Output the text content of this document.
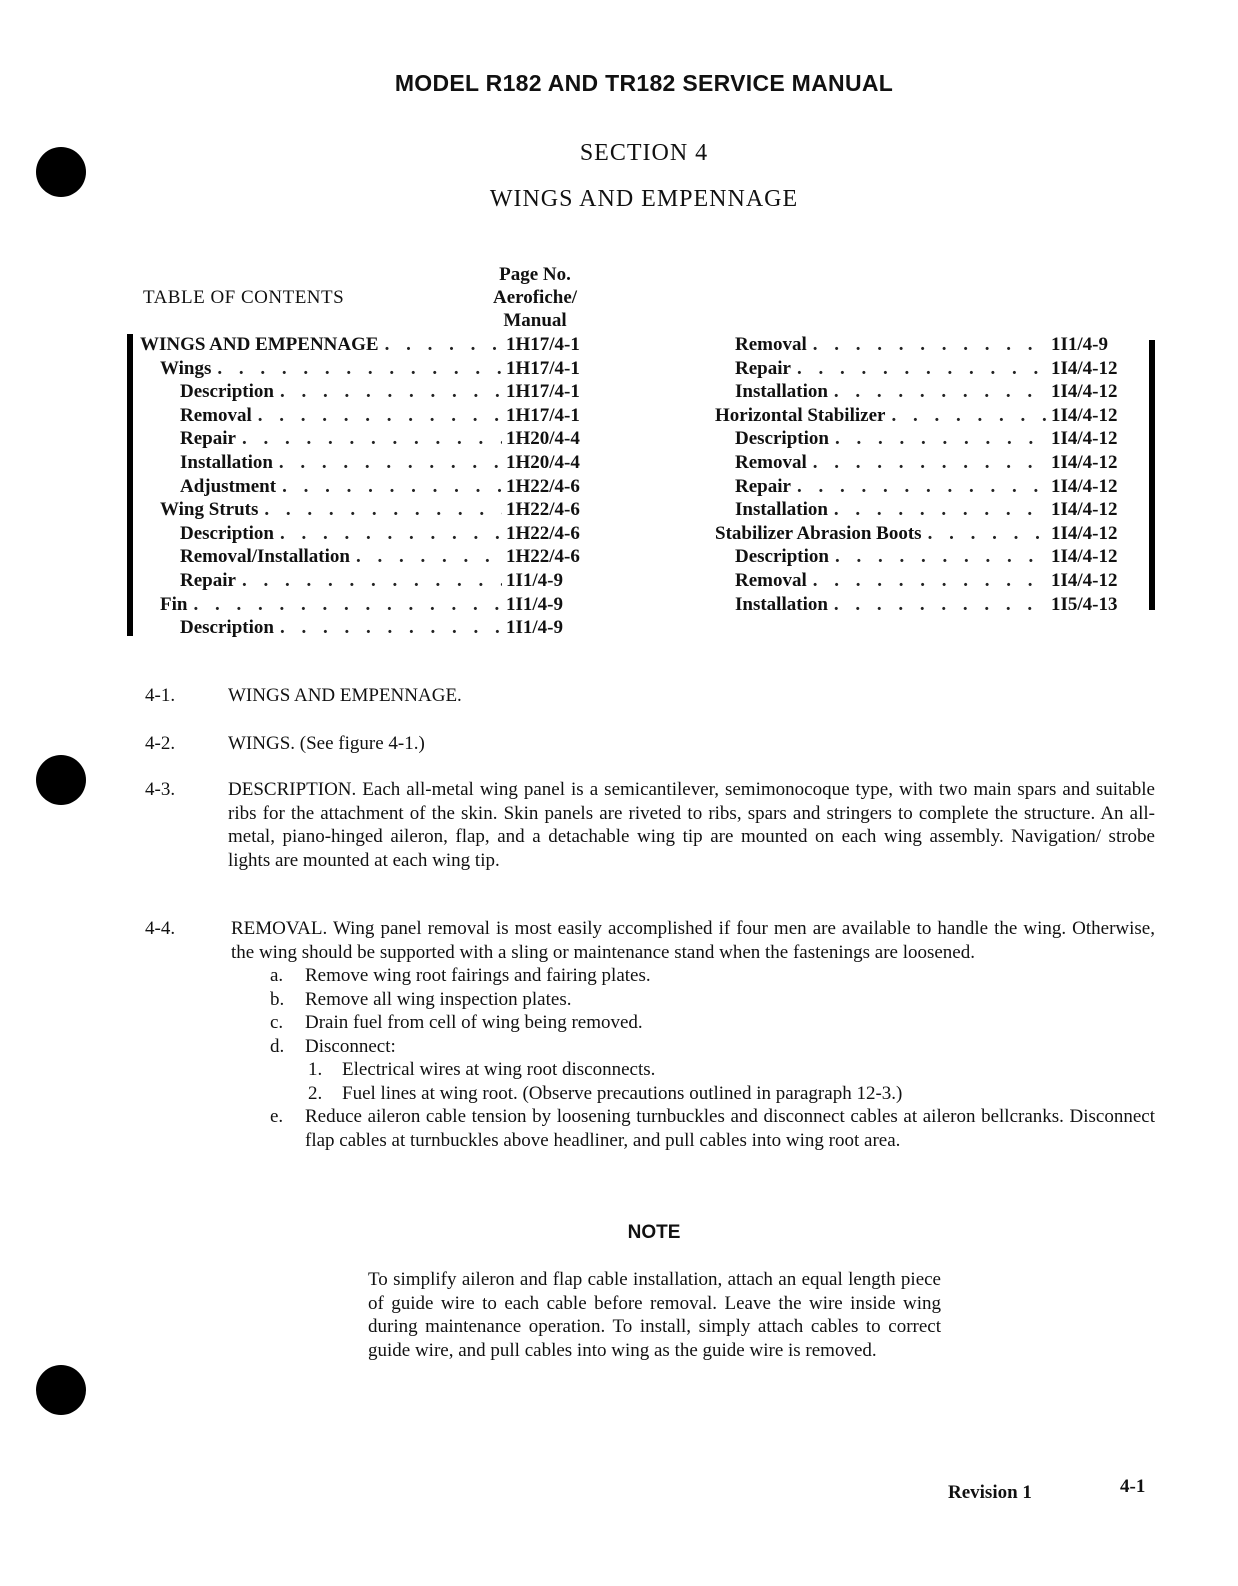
MODEL R182 AND TR182 SERVICE MANUAL
SECTION 4
WINGS AND EMPENNAGE
TABLE OF CONTENTS
Page No.
Aerofiche/
Manual
WINGS AND EMPENNAGE . . .	1H17/4-1
Wings . . .	1H17/4-1
Description . . .	1H17/4-1
Removal . . .	1H17/4-1
Repair . . .	1H20/4-4
Installation . . .	1H20/4-4
Adjustment . . .	1H22/4-6
Wing Struts . . .	1H22/4-6
Description . . .	1H22/4-6
Removal/Installation . . .	1H22/4-6
Repair . . .	1I1/4-9
Fin . . .	1I1/4-9
Description . . .	1I1/4-9
Removal . . .	1I1/4-9
Repair . . .	1I4/4-12
Installation . . .	1I4/4-12
Horizontal Stabilizer . . .	1I4/4-12
Description . . .	1I4/4-12
Removal . . .	1I4/4-12
Repair . . .	1I4/4-12
Installation . . .	1I4/4-12
Stabilizer Abrasion Boots . . .	1I4/4-12
Description . . .	1I4/4-12
Removal . . .	1I4/4-12
Installation . . .	1I5/4-13
4-1.	WINGS AND EMPENNAGE.
4-2.	WINGS. (See figure 4-1.)
4-3.	DESCRIPTION. Each all-metal wing panel is a semicantilever, semimonocoque type, with two main spars and suitable ribs for the attachment of the skin. Skin panels are riveted to ribs, spars and stringers to complete the structure. An all-metal, piano-hinged aileron, flap, and a detachable wing tip are mounted on each wing assembly. Navigation/ strobe lights are mounted at each wing tip.
4-4.	REMOVAL. Wing panel removal is most easily accomplished if four men are available to handle the wing. Otherwise, the wing should be supported with a sling or maintenance stand when the fastenings are loosened.
a. Remove wing root fairings and fairing plates.
b. Remove all wing inspection plates.
c. Drain fuel from cell of wing being removed.
d. Disconnect:
1. Electrical wires at wing root disconnects.
2. Fuel lines at wing root. (Observe precautions outlined in paragraph 12-3.)
e. Reduce aileron cable tension by loosening turnbuckles and disconnect cables at aileron bellcranks. Disconnect flap cables at turnbuckles above headliner, and pull cables into wing root area.
NOTE
To simplify aileron and flap cable installation, attach an equal length piece of guide wire to each cable before removal. Leave the wire inside wing during maintenance operation. To install, simply attach cables to correct guide wire, and pull cables into wing as the guide wire is removed.
Revision 1	4-1
